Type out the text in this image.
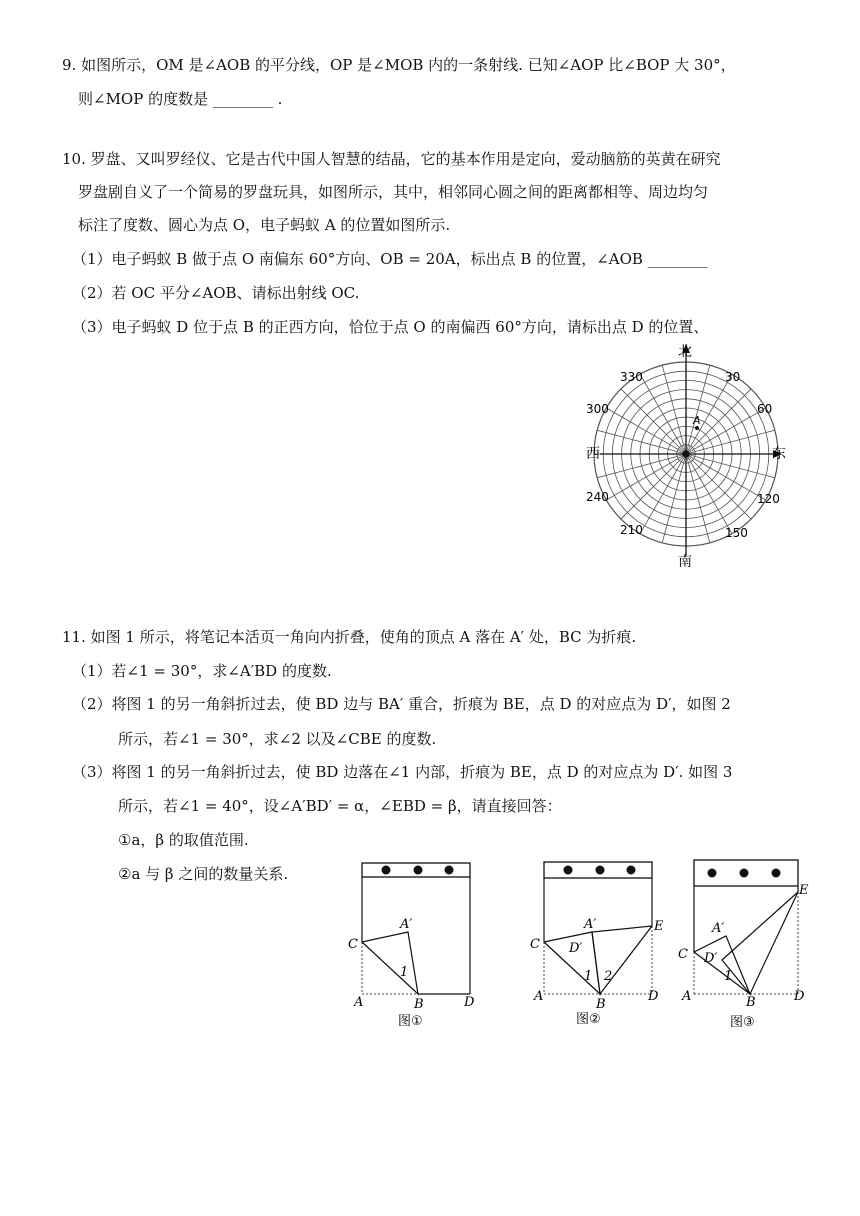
9. 如图所示，OM 是∠AOB 的平分线，OP 是∠MOB 内的一条射线. 已知∠AOP 比∠BOP 大 30°，
则∠MOP 的度数是 ________ .
10. 罗盘、又叫罗经仪、它是古代中国人智慧的结晶，它的基本作用是定向，爱动脑筋的英黄在研究
罗盘剧自义了一个简易的罗盘玩具，如图所示，其中，相邻同心圆之间的距离都相等、周边均匀
标注了度数、圆心为点 O，电子蚂蚁 A 的位置如图所示.
（1）电子蚂蚁 B 做于点 O 南偏东 60°方向、OB = 20A，标出点 B 的位置，∠AOB ________
（2）若 OC 平分∠AOB、请标出射线 OC.
（3）电子蚂蚁 D 位于点 B 的正西方向，恰位于点 O 的南偏西 60°方向，请标出点 D 的位置、
A
北
南
东
西
330	30
300	60
240	120
210	150
11. 如图 1 所示，将笔记本活页一角向内折叠，使角的顶点 A 落在 A′ 处，BC 为折痕.
（1）若∠1 = 30°，求∠A′BD 的度数.
（2）将图 1 的另一角斜折过去，使 BD 边与 BA′ 重合，折痕为 BE，点 D 的对应点为 D′，如图 2
所示，若∠1 = 30°，求∠2 以及∠CBE 的度数.
（3）将图 1 的另一角斜折过去，使 BD 边落在∠1 内部，折痕为 BE，点 D 的对应点为 D′. 如图 3
所示，若∠1 = 40°，设∠A′BD′ = α，∠EBD = β，请直接回答：
①a，β 的取值范围.
②a 与 β 之间的数量关系.
C
A′
1
A	B	D
图①
C
A′
D′
E
1 2
A
B
D
图②
C
A′
D′
E
1
A	B	D
图③
